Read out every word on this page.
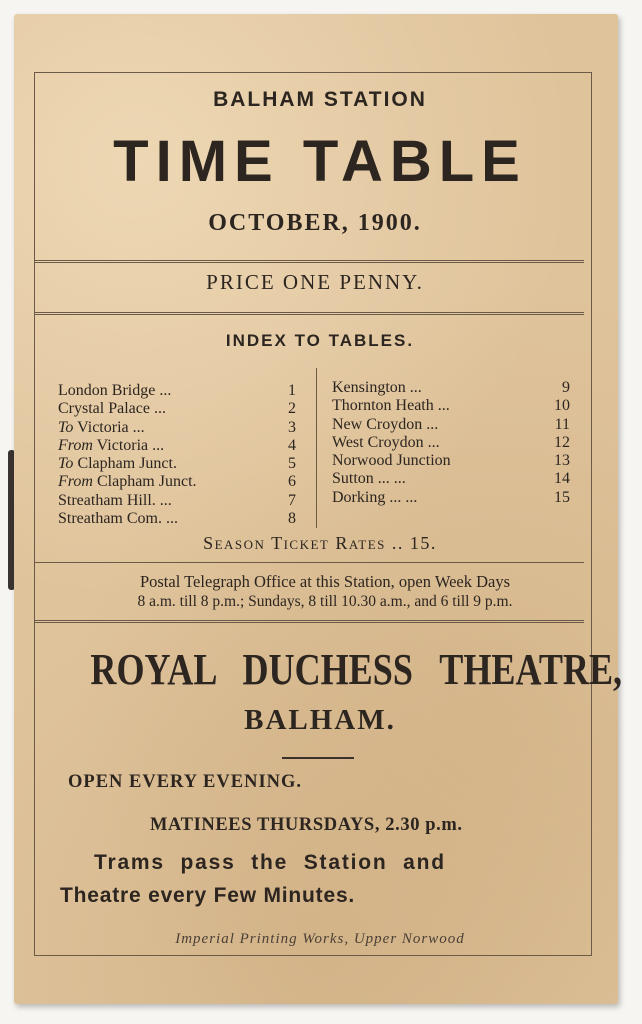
BALHAM STATION
TIME TABLE
OCTOBER, 1900.
PRICE ONE PENNY.
INDEX TO TABLES.
London Bridge ...	1
Crystal Palace ...	2
To Victoria ...	3
From Victoria ...	4
To Clapham Junct.	5
From Clapham Junct.	6
Streatham Hill. ...	7
Streatham Com. ...	8
Kensington ...	9
Thornton Heath ...	10
New Croydon ...	11
West Croydon ...	12
Norwood Junction	13
Sutton ... ...	14
Dorking ... ...	15
Season Ticket Rates .. 15.
Postal Telegraph Office at this Station, open Week Days
8 a.m. till 8 p.m.; Sundays, 8 till 10.30 a.m., and 6 till 9 p.m.
ROYAL DUCHESS THEATRE,
BALHAM.
OPEN EVERY EVENING.
MATINEES THURSDAYS, 2.30 p.m.
Trams pass the Station and
Theatre every Few Minutes.
Imperial Printing Works, Upper Norwood
